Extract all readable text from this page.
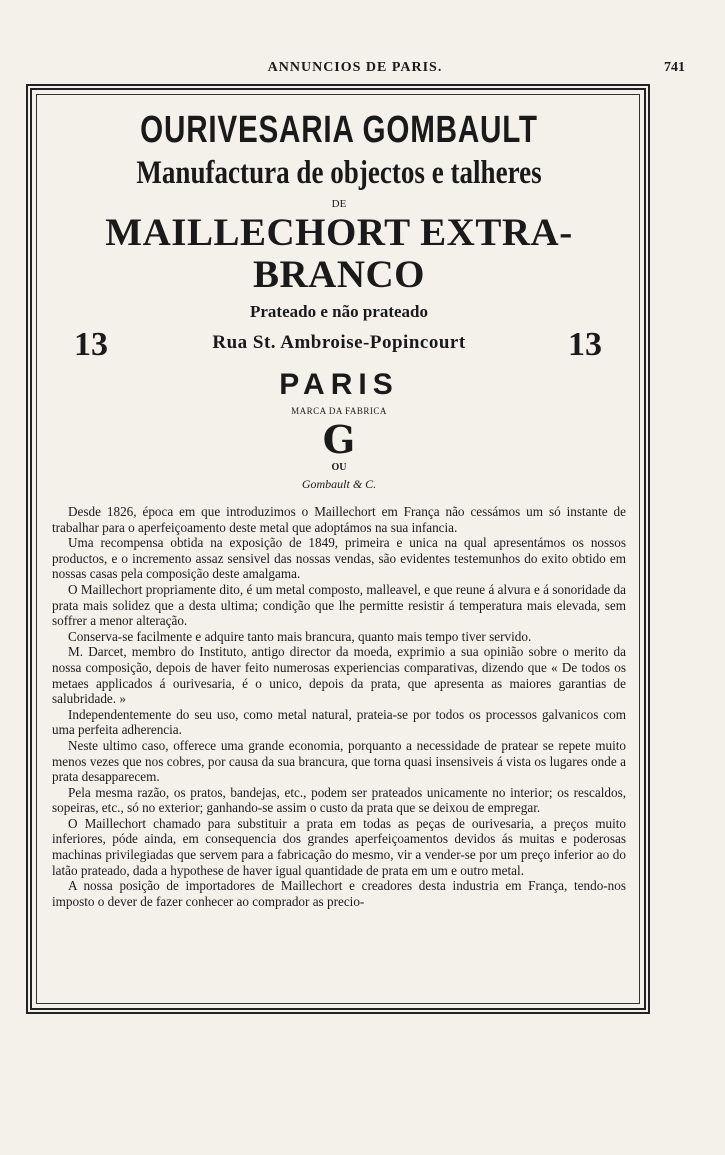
ANNUNCIOS DE PARIS.	741
OURIVESARIA GOMBAULT
Manufactura de objectos e talheres
DE
MAILLECHORT EXTRA-BRANCO
Prateado e não prateado
13	Rua St. Ambroise-Popincourt	13
PARIS
MARCA DA FABRICA
G
OU
Gombault & C.

Desde 1826, época em que introduzimos o Maillechort em França não cessámos um só instante de trabalhar para o aperfeiçoamento deste metal que adoptámos na sua infancia.

Uma recompensa obtida na exposição de 1849, primeira e unica na qual apresentámos os nossos productos, e o incremento assaz sensivel das nossas vendas, são evidentes testemunhos do exito obtido em nossas casas pela composição deste amalgama.

O Maillechort propriamente dito, é um metal composto, malleavel, e que reune á alvura e á sonoridade da prata mais solidez que a desta ultima; condição que lhe permitte resistir á temperatura mais elevada, sem soffrer a menor alteração.

Conserva-se facilmente e adquire tanto mais brancura, quanto mais tempo tiver servido.

M. Darcet, membro do Instituto, antigo director da moeda, exprimio a sua opinião sobre o merito da nossa composição, depois de haver feito numerosas experiencias comparativas, dizendo que « De todos os metaes applicados á ourivesaria, é o unico, depois da prata, que apresenta as maiores garantias de salubridade. »

Independentemente do seu uso, como metal natural, prateia-se por todos os processos galvanicos com uma perfeita adherencia.

Neste ultimo caso, offerece uma grande economia, porquanto a necessidade de pratear se repete muito menos vezes que nos cobres, por causa da sua brancura, que torna quasi insensiveis á vista os lugares onde a prata desapparecem.

Pela mesma razão, os pratos, bandejas, etc., podem ser prateados unicamente no interior; os rescaldos, sopeiras, etc., só no exterior; ganhando-se assim o custo da prata que se deixou de empregar.

O Maillechort chamado para substituir a prata em todas as peças de ourivesaria, a preços muito inferiores, póde ainda, em consequencia dos grandes aperfeiçoamentos devidos ás muitas e poderosas machinas privilegiadas que servem para a fabricação do mesmo, vir a vender-se por um preço inferior ao do latão prateado, dada a hypothese de haver igual quantidade de prata em um e outro metal.

A nossa posição de importadores de Maillechort e creadores desta industria em França, tendo-nos imposto o dever de fazer conhecer ao comprador as precio-
